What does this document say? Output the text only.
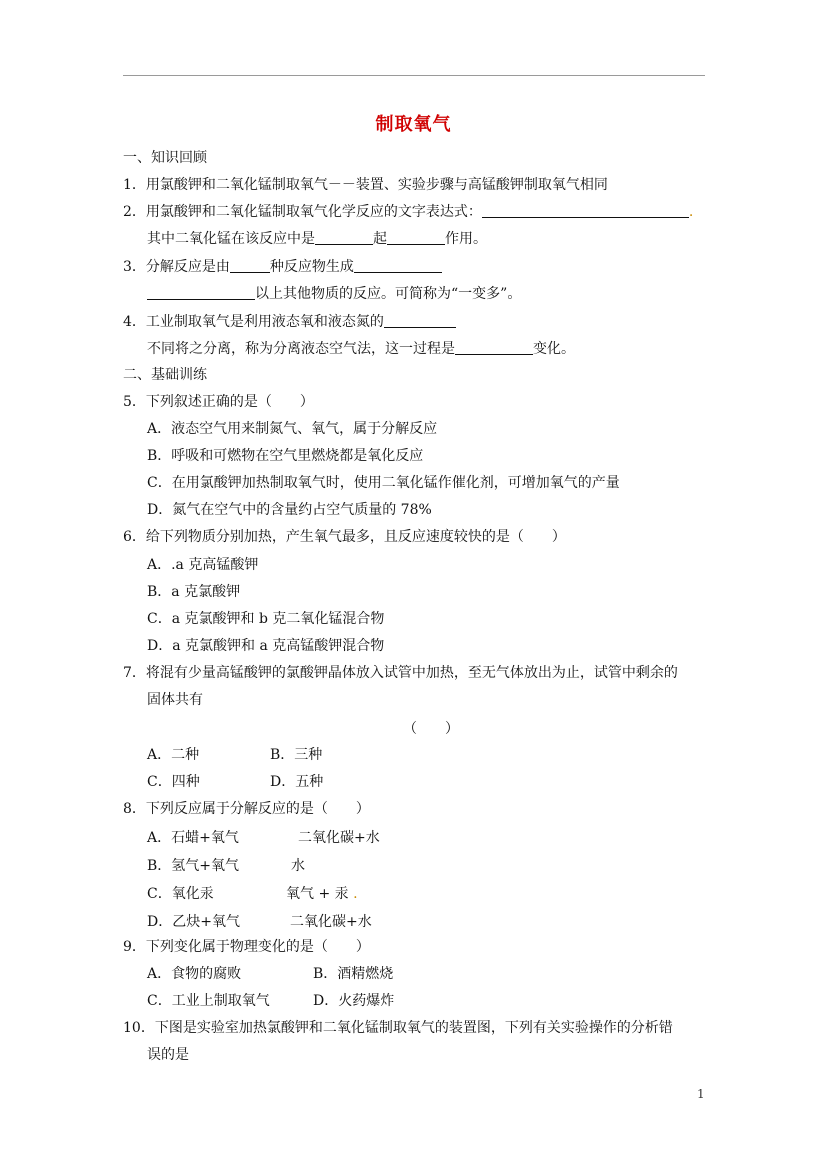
制取氧气
一、知识回顾
1．用氯酸钾和二氧化锰制取氧气－－装置、实验步骤与高锰酸钾制取氧气相同
2．用氯酸钾和二氧化锰制取氧气化学反应的文字表达式：	.
其中二氧化锰在该反应中是	起	作用。
3．分解反应是由	种反应物生成
以上其他物质的反应。可简称为“一变多”。
4．工业制取氧气是利用液态氧和液态氮的
不同将之分离，称为分离液态空气法，这一过程是	变化。
二、基础训练
5．下列叙述正确的是（　　）
A．液态空气用来制氮气、氧气，属于分解反应
B．呼吸和可燃物在空气里燃烧都是氧化反应
C．在用氯酸钾加热制取氧气时，使用二氧化锰作催化剂，可增加氧气的产量
D．氮气在空气中的含量约占空气质量的 78%
6．给下列物质分别加热，产生氧气最多，且反应速度较快的是（　　）
A．.a 克高锰酸钾
B．a 克氯酸钾
C．a 克氯酸钾和 b 克二氧化锰混合物
D．a 克氯酸钾和 a 克高锰酸钾混合物
7．将混有少量高锰酸钾的氯酸钾晶体放入试管中加热，至无气体放出为止，试管中剩余的
固体共有
（　　）
A．二种	B．三种
C．四种	D．五种
8．下列反应属于分解反应的是（　　）
A．石蜡+氧气	二氧化碳+水
B．氢气+氧气	水
C．氧化汞	氧气 + 汞 .
D．乙炔+氧气	二氧化碳+水
9．下列变化属于物理变化的是（　　）
A．食物的腐败	B．酒精燃烧
C．工业上制取氧气	D．火药爆炸
10．下图是实验室加热氯酸钾和二氧化锰制取氧气的装置图，下列有关实验操作的分析错
误的是
1
